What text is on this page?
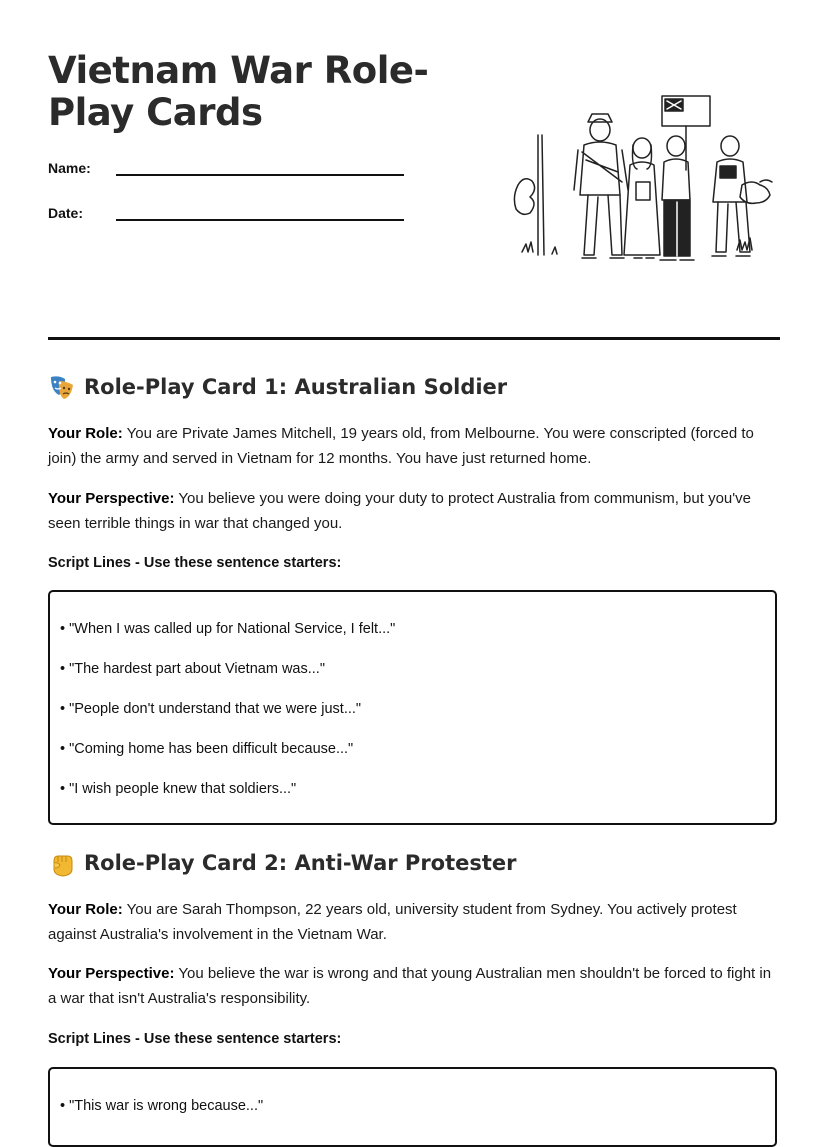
Vietnam War Role-Play Cards
Name:
Date:
Role-Play Card 1: Australian Soldier

Your Role: You are Private James Mitchell, 19 years old, from Melbourne. You were conscripted (forced to join) the army and served in Vietnam for 12 months. You have just returned home.

Your Perspective: You believe you were doing your duty to protect Australia from communism, but you've seen terrible things in war that changed you.

Script Lines - Use these sentence starters:

• "When I was called up for National Service, I felt..."
• "The hardest part about Vietnam was..."
• "People don't understand that we were just..."
• "Coming home has been difficult because..."
• "I wish people knew that soldiers..."
Role-Play Card 2: Anti-War Protester

Your Role: You are Sarah Thompson, 22 years old, university student from Sydney. You actively protest against Australia's involvement in the Vietnam War.

Your Perspective: You believe the war is wrong and that young Australian men shouldn't be forced to fight in a war that isn't Australia's responsibility.

Script Lines - Use these sentence starters:

• "This war is wrong because..."
